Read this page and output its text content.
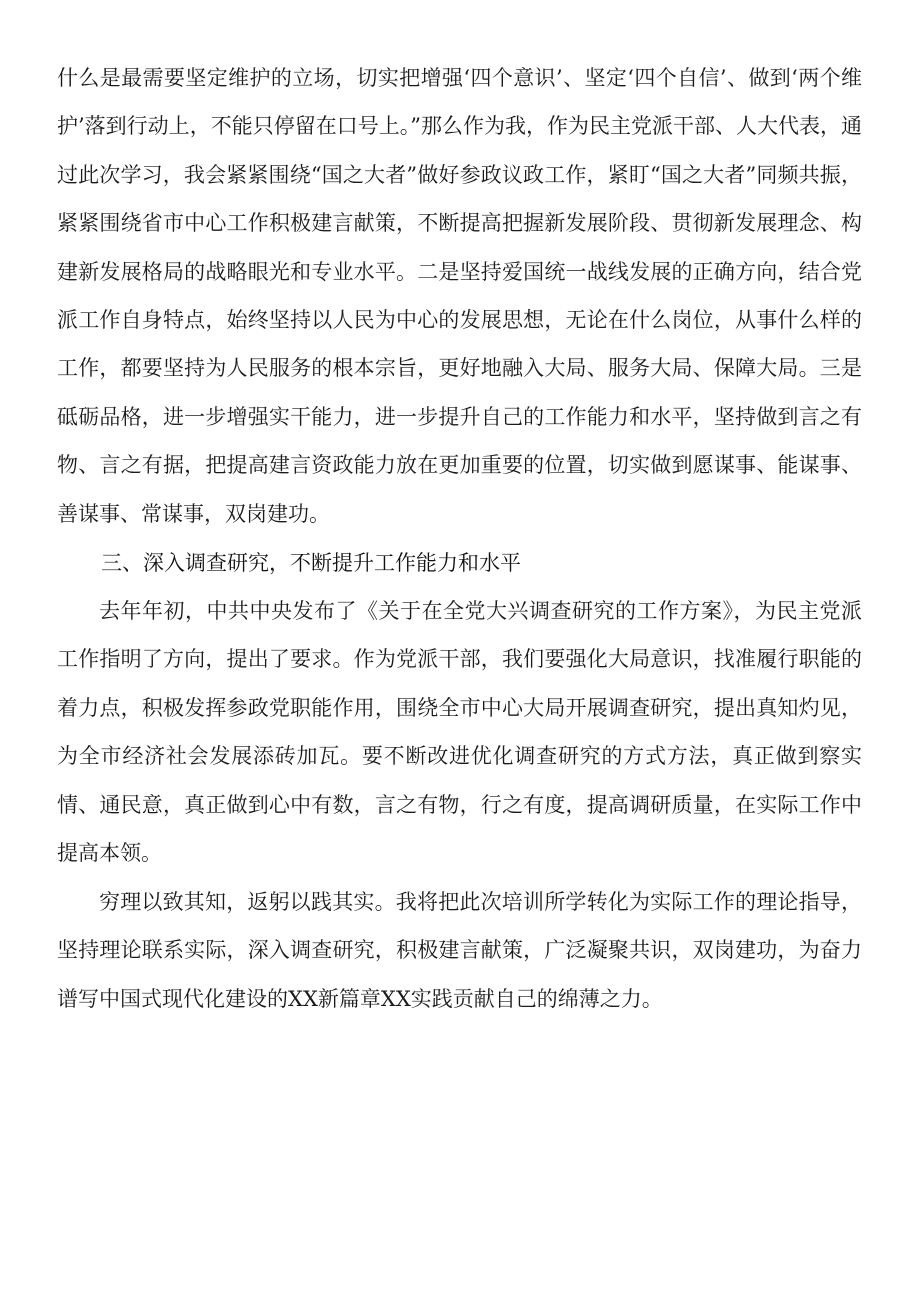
什么是最需要坚定维护的立场，切实把增强‘四个意识’、坚定‘四个自信’、做到‘两个维护’落到行动上，不能只停留在口号上。”那么作为我，作为民主党派干部、人大代表，通过此次学习，我会紧紧围绕“国之大者”做好参政议政工作，紧盯“国之大者”同频共振，紧紧围绕省市中心工作积极建言献策，不断提高把握新发展阶段、贯彻新发展理念、构建新发展格局的战略眼光和专业水平。二是坚持爱国统一战线发展的正确方向，结合党派工作自身特点，始终坚持以人民为中心的发展思想，无论在什么岗位，从事什么样的工作，都要坚持为人民服务的根本宗旨，更好地融入大局、服务大局、保障大局。三是砥砺品格，进一步增强实干能力，进一步提升自己的工作能力和水平，坚持做到言之有物、言之有据，把提高建言资政能力放在更加重要的位置，切实做到愿谋事、能谋事、善谋事、常谋事，双岗建功。

三、深入调查研究，不断提升工作能力和水平

去年年初，中共中央发布了《关于在全党大兴调查研究的工作方案》，为民主党派工作指明了方向，提出了要求。作为党派干部，我们要强化大局意识，找准履行职能的着力点，积极发挥参政党职能作用，围绕全市中心大局开展调查研究，提出真知灼见，为全市经济社会发展添砖加瓦。要不断改进优化调查研究的方式方法，真正做到察实情、通民意，真正做到心中有数，言之有物，行之有度，提高调研质量，在实际工作中提高本领。

穷理以致其知，返躬以践其实。我将把此次培训所学转化为实际工作的理论指导，坚持理论联系实际，深入调查研究，积极建言献策，广泛凝聚共识，双岗建功，为奋力谱写中国式现代化建设的XX新篇章XX实践贡献自己的绵薄之力。
